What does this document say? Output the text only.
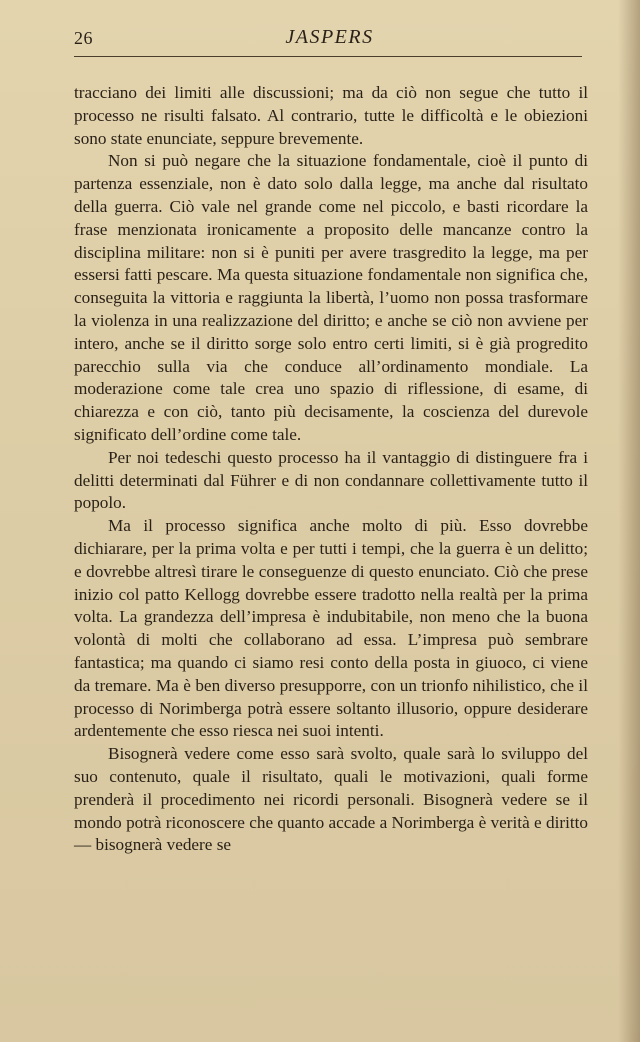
26	JASPERS

tracciano dei limiti alle discussioni; ma da ciò non segue che tutto il processo ne risulti falsato. Al contrario, tutte le difficoltà e le obiezioni sono state enunciate, seppure brevemente.

Non si può negare che la situazione fondamentale, cioè il punto di partenza essenziale, non è dato solo dalla legge, ma anche dal risultato della guerra. Ciò vale nel grande come nel piccolo, e basti ricordare la frase menzionata ironicamente a proposito delle mancanze contro la disciplina militare: non si è puniti per avere trasgredito la legge, ma per essersi fatti pescare. Ma questa situazione fondamentale non significa che, conseguita la vittoria e raggiunta la libertà, l’uomo non possa trasformare la violenza in una realizzazione del diritto; e anche se ciò non avviene per intero, anche se il diritto sorge solo entro certi limiti, si è già progredito parecchio sulla via che conduce all’ordinamento mondiale. La moderazione come tale crea uno spazio di riflessione, di esame, di chiarezza e con ciò, tanto più decisamente, la coscienza del durevole significato dell’ordine come tale.

Per noi tedeschi questo processo ha il vantaggio di distinguere fra i delitti determinati dal Führer e di non condannare collettivamente tutto il popolo.

Ma il processo significa anche molto di più. Esso dovrebbe dichiarare, per la prima volta e per tutti i tempi, che la guerra è un delitto; e dovrebbe altresì tirare le conseguenze di questo enunciato. Ciò che prese inizio col patto Kellogg dovrebbe essere tradotto nella realtà per la prima volta. La grandezza dell’impresa è indubitabile, non meno che la buona volontà di molti che collaborano ad essa. L’impresa può sembrare fantastica; ma quando ci siamo resi conto della posta in giuoco, ci viene da tremare. Ma è ben diverso presupporre, con un trionfo nihilistico, che il processo di Norimberga potrà essere soltanto illusorio, oppure desiderare ardentemente che esso riesca nei suoi intenti.

Bisognerà vedere come esso sarà svolto, quale sarà lo sviluppo del suo contenuto, quale il risultato, quali le motivazioni, quali forme prenderà il procedimento nei ricordi personali. Bisognerà vedere se il mondo potrà riconoscere che quanto accade a Norimberga è verità e diritto — bisognerà vedere se
